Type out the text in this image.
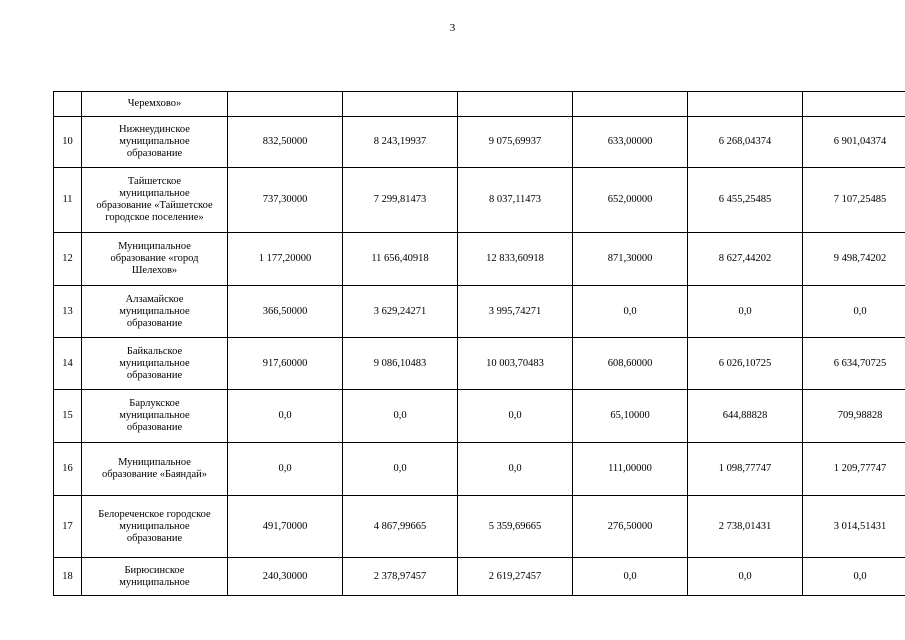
3

	Черемхово»						

10	Нижнеудинское
муниципальное
образование	832,50000	8 243,19937	9 075,69937	633,00000	6 268,04374	6 901,04374
11	Тайшетское
муниципальное
образование «Тайшетское
городское поселение»	737,30000	7 299,81473	8 037,11473	652,00000	6 455,25485	7 107,25485
12	Муниципальное
образование «город
Шелехов»	1 177,20000	11 656,40918	12 833,60918	871,30000	8 627,44202	9 498,74202
13	Алзамайское
муниципальное
образование	366,50000	3 629,24271	3 995,74271	0,0	0,0	0,0
14	Байкальское
муниципальное
образование	917,60000	9 086,10483	10 003,70483	608,60000	6 026,10725	6 634,70725
15	Барлукское
муниципальное
образование	0,0	0,0	0,0	65,10000	644,88828	709,98828
16	Муниципальное
образование «Баяндай»	0,0	0,0	0,0	111,00000	1 098,77747	1 209,77747
17	Белореченское городское
муниципальное
образование	491,70000	4 867,99665	5 359,69665	276,50000	2 738,01431	3 014,51431
18	Бирюсинское
муниципальное	240,30000	2 378,97457	2 619,27457	0,0	0,0	0,0
